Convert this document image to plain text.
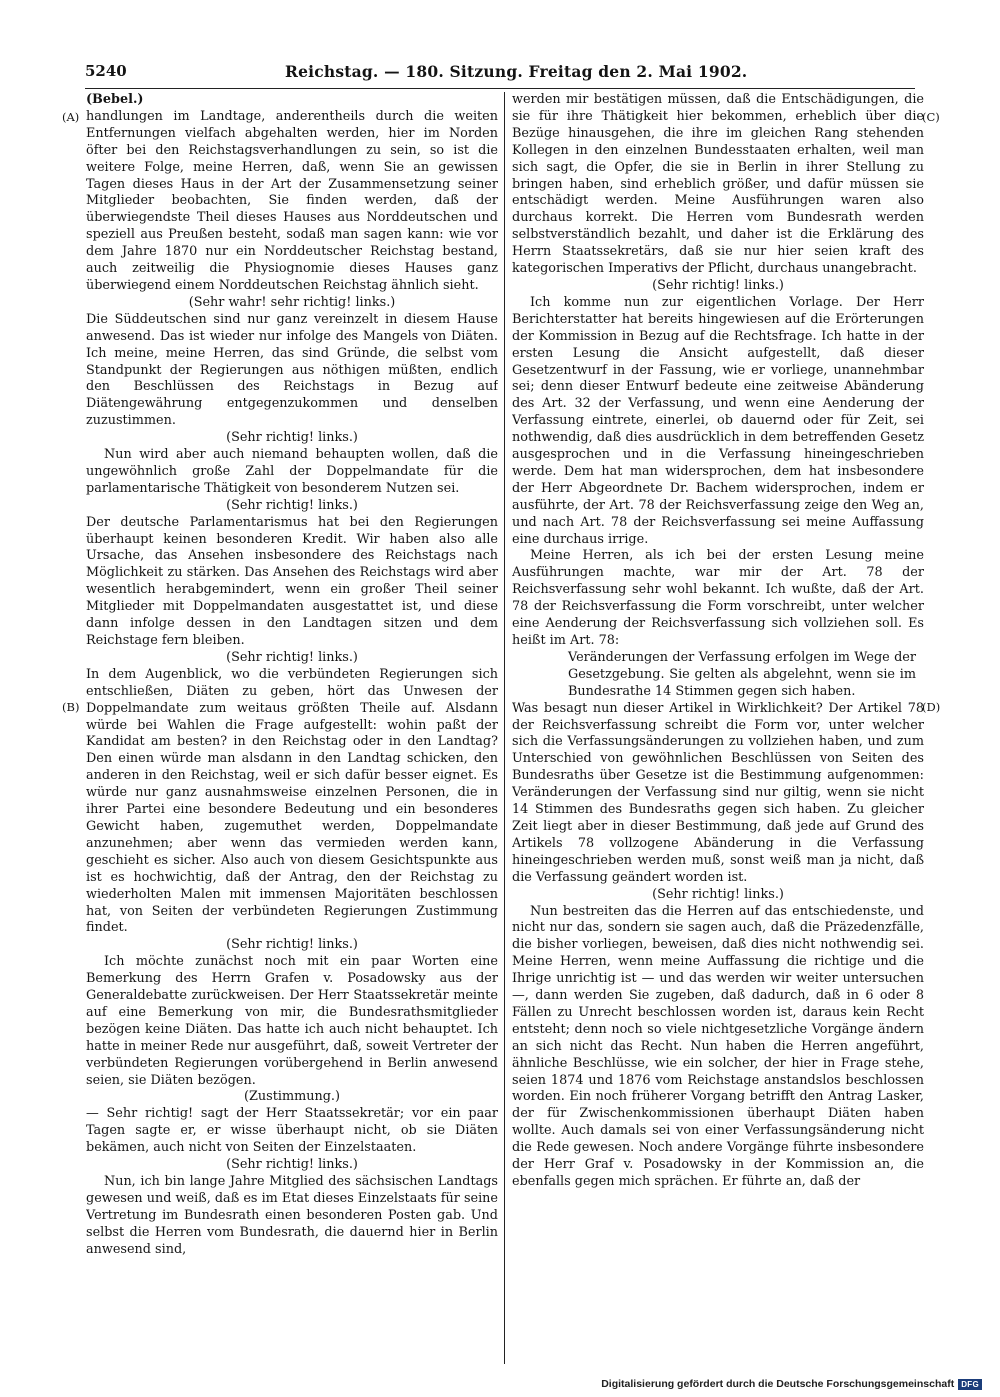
5240	Reichstag. — 180. Sitzung. Freitag den 2. Mai 1902.
(A)
(B)
(C)
(D)

(Bebel.)

handlungen im Landtage, anderentheils durch die weiten Entfernungen vielfach abgehalten werden, hier im Norden öfter bei den Reichstagsverhandlungen zu sein, so ist die weitere Folge, meine Herren, daß, wenn Sie an gewissen Tagen dieses Haus in der Art der Zusammensetzung seiner Mitglieder beobachten, Sie finden werden, daß der überwiegendste Theil dieses Hauses aus Norddeutschen und speziell aus Preußen besteht, sodaß man sagen kann: wie vor dem Jahre 1870 nur ein Norddeutscher Reichstag bestand, auch zeitweilig die Physiognomie dieses Hauses ganz überwiegend einem Norddeutschen Reichstag ähnlich sieht.

(Sehr wahr! sehr richtig! links.)

Die Süddeutschen sind nur ganz vereinzelt in diesem Hause anwesend. Das ist wieder nur infolge des Mangels von Diäten. Ich meine, meine Herren, das sind Gründe, die selbst vom Standpunkt der Regierungen aus nöthigen müßten, endlich den Beschlüssen des Reichstags in Bezug auf Diätengewährung entgegenzukommen und denselben zuzustimmen.

(Sehr richtig! links.)

Nun wird aber auch niemand behaupten wollen, daß die ungewöhnlich große Zahl der Doppelmandate für die parlamentarische Thätigkeit von besonderem Nutzen sei.

(Sehr richtig! links.)

Der deutsche Parlamentarismus hat bei den Regierungen überhaupt keinen besonderen Kredit. Wir haben also alle Ursache, das Ansehen insbesondere des Reichstags nach Möglichkeit zu stärken. Das Ansehen des Reichstags wird aber wesentlich herabgemindert, wenn ein großer Theil seiner Mitglieder mit Doppelmandaten ausgestattet ist, und diese dann infolge dessen in den Landtagen sitzen und dem Reichstage fern bleiben.

(Sehr richtig! links.)

In dem Augenblick, wo die verbündeten Regierungen sich entschließen, Diäten zu geben, hört das Unwesen der Doppelmandate zum weitaus größten Theile auf. Alsdann würde bei Wahlen die Frage aufgestellt: wohin paßt der Kandidat am besten? in den Reichstag oder in den Landtag? Den einen würde man alsdann in den Landtag schicken, den anderen in den Reichstag, weil er sich dafür besser eignet. Es würde nur ganz ausnahmsweise einzelnen Personen, die in ihrer Partei eine besondere Bedeutung und ein besonderes Gewicht haben, zugemuthet werden, Doppelmandate anzunehmen; aber wenn das vermieden werden kann, geschieht es sicher. Also auch von diesem Gesichtspunkte aus ist es hochwichtig, daß der Antrag, den der Reichstag zu wiederholten Malen mit immensen Majoritäten beschlossen hat, von Seiten der verbündeten Regierungen Zustimmung findet.

(Sehr richtig! links.)

Ich möchte zunächst noch mit ein paar Worten eine Bemerkung des Herrn Grafen v. Posadowsky aus der Generaldebatte zurückweisen. Der Herr Staatssekretär meinte auf eine Bemerkung von mir, die Bundesrathsmitglieder bezögen keine Diäten. Das hatte ich auch nicht behauptet. Ich hatte in meiner Rede nur ausgeführt, daß, soweit Vertreter der verbündeten Regierungen vorübergehend in Berlin anwesend seien, sie Diäten bezögen.

(Zustimmung.)

— Sehr richtig! sagt der Herr Staatssekretär; vor ein paar Tagen sagte er, er wisse überhaupt nicht, ob sie Diäten bekämen, auch nicht von Seiten der Einzelstaaten.

(Sehr richtig! links.)

Nun, ich bin lange Jahre Mitglied des sächsischen Landtags gewesen und weiß, daß es im Etat dieses Einzelstaats für seine Vertretung im Bundesrath einen besonderen Posten gab. Und selbst die Herren vom Bundesrath, die dauernd hier in Berlin anwesend sind,

werden mir bestätigen müssen, daß die Entschädigungen, die sie für ihre Thätigkeit hier bekommen, erheblich über die Bezüge hinausgehen, die ihre im gleichen Rang stehenden Kollegen in den einzelnen Bundesstaaten erhalten, weil man sich sagt, die Opfer, die sie in Berlin in ihrer Stellung zu bringen haben, sind erheblich größer, und dafür müssen sie entschädigt werden. Meine Ausführungen waren also durchaus korrekt. Die Herren vom Bundesrath werden selbstverständlich bezahlt, und daher ist die Erklärung des Herrn Staatssekretärs, daß sie nur hier seien kraft des kategorischen Imperativs der Pflicht, durchaus unangebracht.

(Sehr richtig! links.)

Ich komme nun zur eigentlichen Vorlage. Der Herr Berichterstatter hat bereits hingewiesen auf die Erörterungen der Kommission in Bezug auf die Rechtsfrage. Ich hatte in der ersten Lesung die Ansicht aufgestellt, daß dieser Gesetzentwurf in der Fassung, wie er vorliege, unannehmbar sei; denn dieser Entwurf bedeute eine zeitweise Abänderung des Art. 32 der Verfassung, und wenn eine Aenderung der Verfassung eintrete, einerlei, ob dauernd oder für Zeit, sei nothwendig, daß dies ausdrücklich in dem betreffenden Gesetz ausgesprochen und in die Verfassung hineingeschrieben werde. Dem hat man widersprochen, dem hat insbesondere der Herr Abgeordnete Dr. Bachem widersprochen, indem er ausführte, der Art. 78 der Reichsverfassung zeige den Weg an, und nach Art. 78 der Reichsverfassung sei meine Auffassung eine durchaus irrige.

Meine Herren, als ich bei der ersten Lesung meine Ausführungen machte, war mir der Art. 78 der Reichsverfassung sehr wohl bekannt. Ich wußte, daß der Art. 78 der Reichsverfassung die Form vorschreibt, unter welcher eine Aenderung der Reichsverfassung sich vollziehen soll. Es heißt im Art. 78:

Veränderungen der Verfassung erfolgen im Wege der Gesetzgebung. Sie gelten als abgelehnt, wenn sie im Bundesrathe 14 Stimmen gegen sich haben.

Was besagt nun dieser Artikel in Wirklichkeit? Der Artikel 78 der Reichsverfassung schreibt die Form vor, unter welcher sich die Verfassungsänderungen zu vollziehen haben, und zum Unterschied von gewöhnlichen Beschlüssen von Seiten des Bundesraths über Gesetze ist die Bestimmung aufgenommen: Veränderungen der Verfassung sind nur giltig, wenn sie nicht 14 Stimmen des Bundesraths gegen sich haben. Zu gleicher Zeit liegt aber in dieser Bestimmung, daß jede auf Grund des Artikels 78 vollzogene Abänderung in die Verfassung hineingeschrieben werden muß, sonst weiß man ja nicht, daß die Verfassung geändert worden ist.

(Sehr richtig! links.)

Nun bestreiten das die Herren auf das entschiedenste, und nicht nur das, sondern sie sagen auch, daß die Präzedenzfälle, die bisher vorliegen, beweisen, daß dies nicht nothwendig sei. Meine Herren, wenn meine Auffassung die richtige und die Ihrige unrichtig ist — und das werden wir weiter untersuchen —, dann werden Sie zugeben, daß dadurch, daß in 6 oder 8 Fällen zu Unrecht beschlossen worden ist, daraus kein Recht entsteht; denn noch so viele nichtgesetzliche Vorgänge ändern an sich nicht das Recht. Nun haben die Herren angeführt, ähnliche Beschlüsse, wie ein solcher, der hier in Frage stehe, seien 1874 und 1876 vom Reichstage anstandslos beschlossen worden. Ein noch früherer Vorgang betrifft den Antrag Lasker, der für Zwischenkommissionen überhaupt Diäten haben wollte. Auch damals sei von einer Verfassungsänderung nicht die Rede gewesen. Noch andere Vorgänge führte insbesondere der Herr Graf v. Posadowsky in der Kommission an, die ebenfalls gegen mich sprächen. Er führte an, daß der

Digitalisierung gefördert durch die Deutsche Forschungsgemeinschaft DFG
